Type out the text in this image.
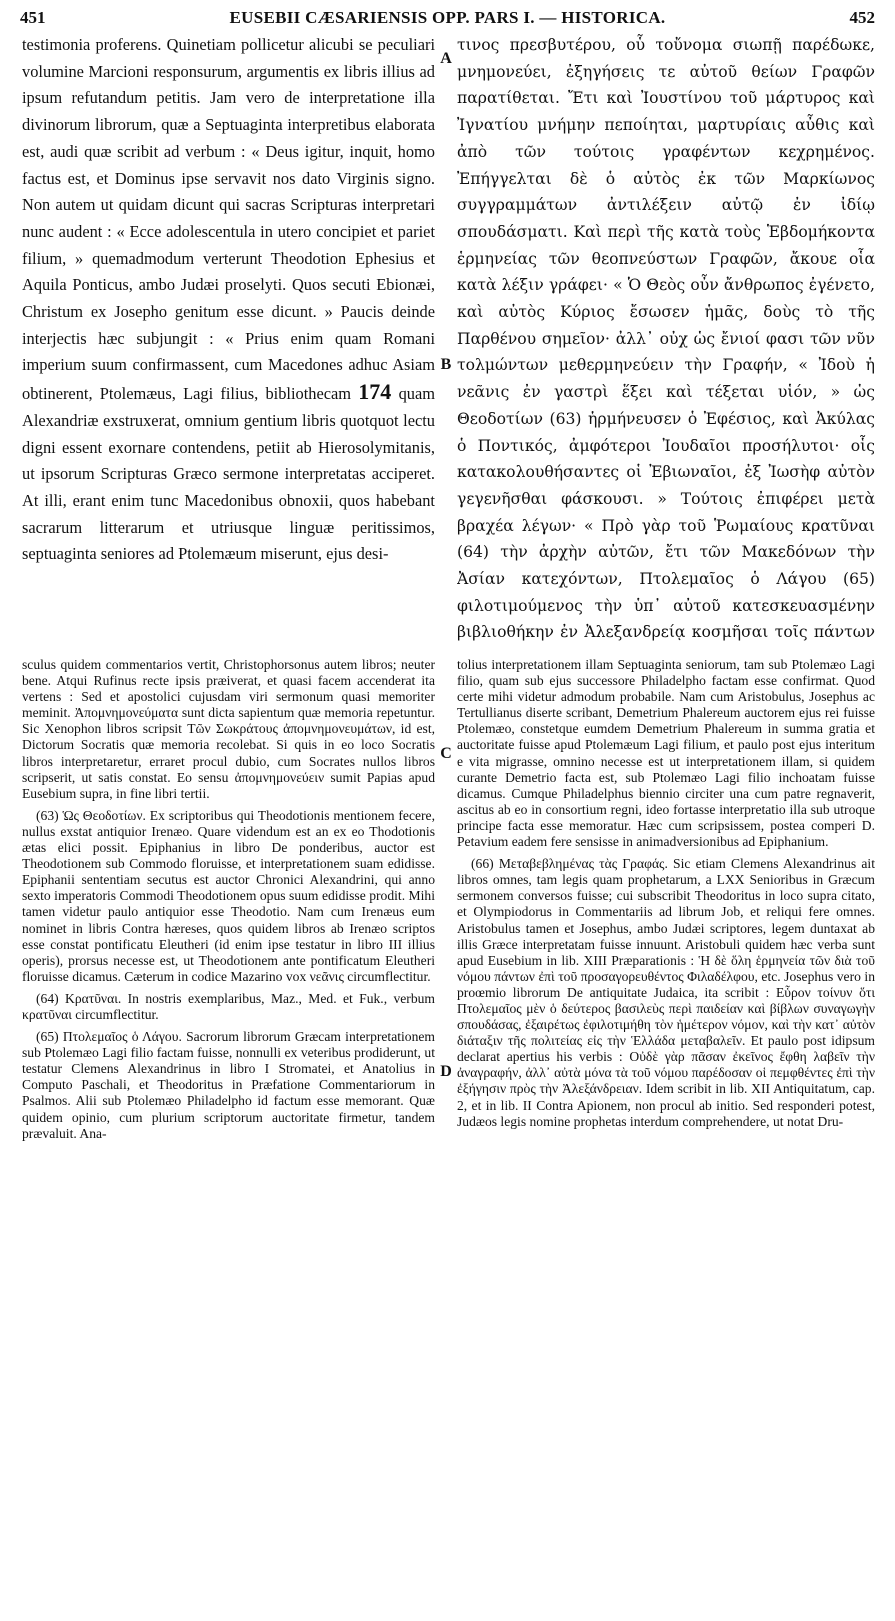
451	EUSEBII CÆSARIENSIS OPP. PARS I. — HISTORICA.	452

testimonia proferens. Quinetiam pollicetur alicubi se peculiari volumine Marcioni responsurum, argumentis ex libris illius ad ipsum refutandum petitis. Jam vero de interpretatione illa divinorum librorum, quæ a Septuaginta interpretibus elaborata est, audi quæ scribit ad verbum : « Deus igitur, inquit, homo factus est, et Dominus ipse servavit nos dato Virginis signo. Non autem ut quidam dicunt qui sacras Scripturas interpretari nunc audent : « Ecce adolescentula in utero concipiet et pariet filium, » quemadmodum verterunt Theodotion Ephesius et Aquila Ponticus, ambo Judæi proselyti. Quos secuti Ebionæi, Christum ex Josepho genitum esse dicunt. » Paucis deinde interjectis hæc subjungit : « Prius enim quam Romani imperium suum confirmassent, cum Macedones adhuc Asiam obtinerent, Ptolemæus, Lagi filius, bibliothecam 174 quam Alexandriæ exstruxerat, omnium gentium libris quotquot lectu digni essent exornare contendens, petiit ab Hierosolymitanis, ut ipsorum Scripturas Græco sermone interpretatas acciperet. At illi, erant enim tunc Macedonibus obnoxii, quos habebant sacrarum litterarum et utriusque linguæ peritissimos, septuaginta seniores ad Ptolemæum miserunt, ejus desi-

τινος πρεσβυτέρου, οὗ τοὔνομα σιωπῇ παρέδωκε, μνημονεύει, ἐξηγήσεις τε αὐτοῦ θείων Γραφῶν παρατίθεται. Ἔτι καὶ Ἰουστίνου τοῦ μάρτυρος καὶ Ἰγνατίου μνήμην πεποίηται, μαρτυρίαις αὖθις καὶ ἀπὸ τῶν τούτοις γραφέντων κεχρημένος. Ἐπήγγελται δὲ ὁ αὐτὸς ἐκ τῶν Μαρκίωνος συγγραμμάτων ἀντιλέξειν αὐτῷ ἐν ἰδίῳ σπουδάσματι. Καὶ περὶ τῆς κατὰ τοὺς Ἑβδομήκοντα ἑρμηνείας τῶν θεοπνεύστων Γραφῶν, ἄκουε οἷα κατὰ λέξιν γράφει· « Ὁ Θεὸς οὖν ἄνθρωπος ἐγένετο, καὶ αὐτὸς Κύριος ἔσωσεν ἡμᾶς, δοὺς τὸ τῆς Παρθένου σημεῖον· ἀλλ᾽ οὐχ ὡς ἔνιοί φασι τῶν νῦν τολμώντων μεθερμηνεύειν τὴν Γραφήν, « Ἰδοὺ ἡ νεᾶνις ἐν γαστρὶ ἕξει καὶ τέξεται υἱόν, » ὡς Θεοδοτίων (63) ἡρμήνευσεν ὁ Ἐφέσιος, καὶ Ἀκύλας ὁ Ποντικός, ἀμφότεροι Ἰουδαῖοι προσήλυτοι· οἷς κατακολουθήσαντες οἱ Ἐβιωναῖοι, ἐξ Ἰωσὴφ αὐτὸν γεγενῆσθαι φάσκουσι. » Τούτοις ἐπιφέρει μετὰ βραχέα λέγων· « Πρὸ γὰρ τοῦ Ῥωμαίους κρατῦναι (64) τὴν ἀρχὴν αὐτῶν, ἔτι τῶν Μακεδόνων τὴν Ἀσίαν κατεχόντων, Πτολεμαῖος ὁ Λάγου (65) φιλοτιμούμενος τὴν ὑπ᾽ αὐτοῦ κατεσκευασμένην βιβλιοθήκην ἐν Ἀλεξανδρείᾳ κοσμῆσαι τοῖς πάντων

A
B
C
D

sculus quidem commentarios vertit, Christophorsonus autem libros; neuter bene. Atqui Rufinus recte ipsis præiverat, et quasi facem accenderat ita vertens : Sed et apostolici cujusdam viri sermonum quasi memoriter meminit. Ἀπομνημονεύματα sunt dicta sapientum quæ memoria repetuntur. Sic Xenophon libros scripsit Τῶν Σωκράτους ἀπομνημονευμάτων, id est, Dictorum Socratis quæ memoria recolebat. Si quis in eo loco Socratis libros interpretaretur, erraret procul dubio, cum Socrates nullos libros scripserit, ut satis constat. Eo sensu ἀπομνημονεύειν sumit Papias apud Eusebium supra, in fine libri tertii.

(63) Ὡς Θεοδοτίων. Ex scriptoribus qui Theodotionis mentionem fecere, nullus exstat antiquior Irenæo. Quare videndum est an ex eo Thodotionis ætas elici possit. Epiphanius in libro De ponderibus, auctor est Theodotionem sub Commodo floruisse, et interpretationem suam edidisse. Epiphanii sententiam secutus est auctor Chronici Alexandrini, qui anno sexto imperatoris Commodi Theodotionem opus suum edidisse prodit. Mihi tamen videtur paulo antiquior esse Theodotio. Nam cum Irenæus eum nominet in libris Contra hæreses, quos quidem libros ab Irenæo scriptos esse constat pontificatu Eleutheri (id enim ipse testatur in libro III illius operis), prorsus necesse est, ut Theodotionem ante pontificatum Eleutheri floruisse dicamus. Cæterum in codice Mazarino vox νεᾶνις circumflectitur.

(64) Κρατῦναι. In nostris exemplaribus, Maz., Med. et Fuk., verbum κρατῦναι circumflectitur.

(65) Πτολεμαῖος ὁ Λάγου. Sacrorum librorum Græcam interpretationem sub Ptolemæo Lagi filio factam fuisse, nonnulli ex veteribus prodiderunt, ut testatur Clemens Alexandrinus in libro I Stromatei, et Anatolius in Computo Paschali, et Theodoritus in Præfatione Commentariorum in Psalmos. Alii sub Ptolemæo Philadelpho id factum esse memorant. Quæ quidem opinio, cum plurium scriptorum auctoritate firmetur, tandem prævaluit. Ana-

tolius interpretationem illam Septuaginta seniorum, tam sub Ptolemæo Lagi filio, quam sub ejus successore Philadelpho factam esse confirmat. Quod certe mihi videtur admodum probabile. Nam cum Aristobulus, Josephus ac Tertullianus diserte scribant, Demetrium Phalereum auctorem ejus rei fuisse Ptolemæo, constetque eumdem Demetrium Phalereum in summa gratia et auctoritate fuisse apud Ptolemæum Lagi filium, et paulo post ejus interitum e vita migrasse, omnino necesse est ut interpretationem illam, si quidem curante Demetrio facta est, sub Ptolemæo Lagi filio inchoatam fuisse dicamus. Cumque Philadelphus biennio circiter una cum patre regnaverit, ascitus ab eo in consortium regni, ideo fortasse interpretatio illa sub utroque principe facta esse memoratur. Hæc cum scripsissem, postea comperi D. Petavium eadem fere sensisse in animadversionibus ad Epiphanium.

(66) Μεταβεβλημένας τὰς Γραφάς. Sic etiam Clemens Alexandrinus ait libros omnes, tam legis quam prophetarum, a LXX Senioribus in Græcum sermonem conversos fuisse; cui subscribit Theodoritus in loco supra citato, et Olympiodorus in Commentariis ad librum Job, et reliqui fere omnes. Aristobulus tamen et Josephus, ambo Judæi scriptores, legem duntaxat ab illis Græce interpretatam fuisse innuunt. Aristobuli quidem hæc verba sunt apud Eusebium in lib. XIII Præparationis : Ἡ δὲ ὅλη ἑρμηνεία τῶν διὰ τοῦ νόμου πάντων ἐπὶ τοῦ προσαγορευθέντος Φιλαδέλφου, etc. Josephus vero in proœmio librorum De antiquitate Judaica, ita scribit : Εὗρον τοίνυν ὅτι Πτολεμαῖος μὲν ὁ δεύτερος βασιλεὺς περὶ παιδείαν καὶ βίβλων συναγωγὴν σπουδάσας, ἐξαιρέτως ἐφιλοτιμήθη τὸν ἡμέτερον νόμον, καὶ τὴν κατ᾽ αὐτὸν διάταξιν τῆς πολιτείας εἰς τὴν Ἑλλάδα μεταβαλεῖν. Et paulo post idipsum declarat apertius his verbis : Οὐδὲ γὰρ πᾶσαν ἐκεῖνος ἔφθη λαβεῖν τὴν ἀναγραφήν, ἀλλ᾽ αὐτὰ μόνα τὰ τοῦ νόμου παρέδοσαν οἱ πεμφθέντες ἐπὶ τὴν ἐξήγησιν πρὸς τὴν Ἀλεξάνδρειαν. Idem scribit in lib. XII Antiquitatum, cap. 2, et in lib. II Contra Apionem, non procul ab initio. Sed responderi potest, Judæos legis nomine prophetas interdum comprehendere, ut notat Dru-
